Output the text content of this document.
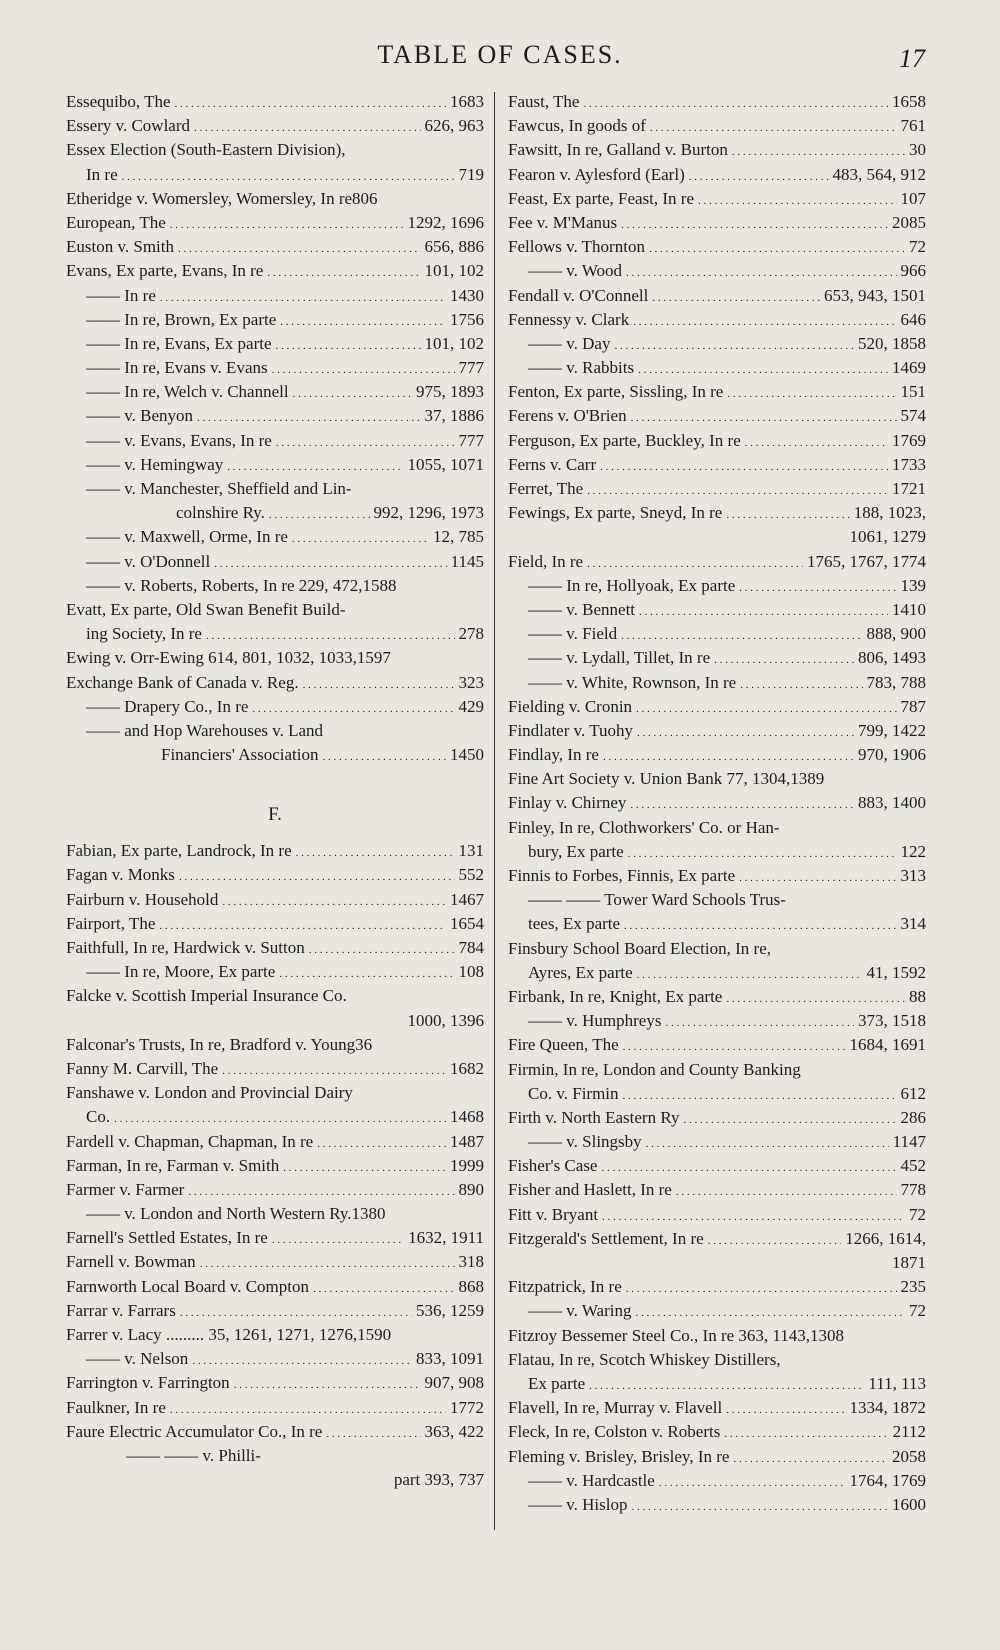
TABLE OF CASES.	17
Essequibo, The . . .	1683
Essery v. Cowlard . . .	626, 963
Essex Election (South-Eastern Division),
In re . . .	719
Etheridge v. Womersley, Womersley, In re 806
European, The . . .	1292, 1696
Euston v. Smith . . .	656, 886
Evans, Ex parte, Evans, In re . . .	101, 102
—— In re . . .	1430
—— In re, Brown, Ex parte . . .	1756
—— In re, Evans, Ex parte . . .	101, 102
—— In re, Evans v. Evans . . .	777
—— In re, Welch v. Channell . . .	975, 1893
—— v. Benyon . . .	37, 1886
—— v. Evans, Evans, In re . . .	777
—— v. Hemingway . . .	1055, 1071
—— v. Manchester, Sheffield and Lin-
colnshire Ry. . . .	992, 1296, 1973
—— v. Maxwell, Orme, In re . . .	12, 785
—— v. O'Donnell . . .	1145
—— v. Roberts, Roberts, In re 229, 472, 1588
Evatt, Ex parte, Old Swan Benefit Build-
ing Society, In re . . .	278
Ewing v. Orr-Ewing 614, 801, 1032, 1033, 1597
Exchange Bank of Canada v. Reg. . . .	323
—— Drapery Co., In re . . .	429
—— and Hop Warehouses v. Land
Financiers' Association . . .	1450
F.
Fabian, Ex parte, Landrock, In re . . .	131
Fagan v. Monks . . .	552
Fairburn v. Household . . .	1467
Fairport, The . . .	1654
Faithfull, In re, Hardwick v. Sutton . . .	784
—— In re, Moore, Ex parte . . .	108
Falcke v. Scottish Imperial Insurance Co.
1000, 1396
Falconar's Trusts, In re, Bradford v. Young 36
Fanny M. Carvill, The . . .	1682
Fanshawe v. London and Provincial Dairy
Co. . . .	1468
Fardell v. Chapman, Chapman, In re . . .	1487
Farman, In re, Farman v. Smith . . .	1999
Farmer v. Farmer . . .	890
—— v. London and North Western Ry. 1380
Farnell's Settled Estates, In re . . .	1632, 1911
Farnell v. Bowman . . .	318
Farnworth Local Board v. Compton . . .	868
Farrar v. Farrars . . .	536, 1259
Farrer v. Lacy ......... 35, 1261, 1271, 1276, 1590
—— v. Nelson . . .	833, 1091
Farrington v. Farrington . . .	907, 908
Faulkner, In re . . .	1772
Faure Electric Accumulator Co., In re . . .	363, 422
—— —— v. Philli-
part 393, 737
Faust, The . . .	1658
Fawcus, In goods of . . .	761
Fawsitt, In re, Galland v. Burton . . .	30
Fearon v. Aylesford (Earl) . . .	483, 564, 912
Feast, Ex parte, Feast, In re . . .	107
Fee v. M'Manus . . .	2085
Fellows v. Thornton . . .	72
—— v. Wood . . .	966
Fendall v. O'Connell . . .	653, 943, 1501
Fennessy v. Clark . . .	646
—— v. Day . . .	520, 1858
—— v. Rabbits . . .	1469
Fenton, Ex parte, Sissling, In re . . .	151
Ferens v. O'Brien . . .	574
Ferguson, Ex parte, Buckley, In re . . .	1769
Ferns v. Carr . . .	1733
Ferret, The . . .	1721
Fewings, Ex parte, Sneyd, In re . . .	188, 1023,
1061, 1279
Field, In re . . .	1765, 1767, 1774
—— In re, Hollyoak, Ex parte . . .	139
—— v. Bennett . . .	1410
—— v. Field . . .	888, 900
—— v. Lydall, Tillet, In re . . .	806, 1493
—— v. White, Rownson, In re . . .	783, 788
Fielding v. Cronin . . .	787
Findlater v. Tuohy . . .	799, 1422
Findlay, In re . . .	970, 1906
Fine Art Society v. Union Bank 77, 1304, 1389
Finlay v. Chirney . . .	883, 1400
Finley, In re, Clothworkers' Co. or Han-
bury, Ex parte . . .	122
Finnis to Forbes, Finnis, Ex parte . . .	313
—— —— Tower Ward Schools Trus-
tees, Ex parte . . .	314
Finsbury School Board Election, In re,
Ayres, Ex parte . . .	41, 1592
Firbank, In re, Knight, Ex parte . . .	88
—— v. Humphreys . . .	373, 1518
Fire Queen, The . . .	1684, 1691
Firmin, In re, London and County Banking
Co. v. Firmin . . .	612
Firth v. North Eastern Ry . . .	286
—— v. Slingsby . . .	1147
Fisher's Case . . .	452
Fisher and Haslett, In re . . .	778
Fitt v. Bryant . . .	72
Fitzgerald's Settlement, In re . . .	1266, 1614,
1871
Fitzpatrick, In re . . .	235
—— v. Waring . . .	72
Fitzroy Bessemer Steel Co., In re 363, 1143, 1308
Flatau, In re, Scotch Whiskey Distillers,
Ex parte . . .	111, 113
Flavell, In re, Murray v. Flavell . . .	1334, 1872
Fleck, In re, Colston v. Roberts . . .	2112
Fleming v. Brisley, Brisley, In re . . .	2058
—— v. Hardcastle . . .	1764, 1769
—— v. Hislop . . .	1600
